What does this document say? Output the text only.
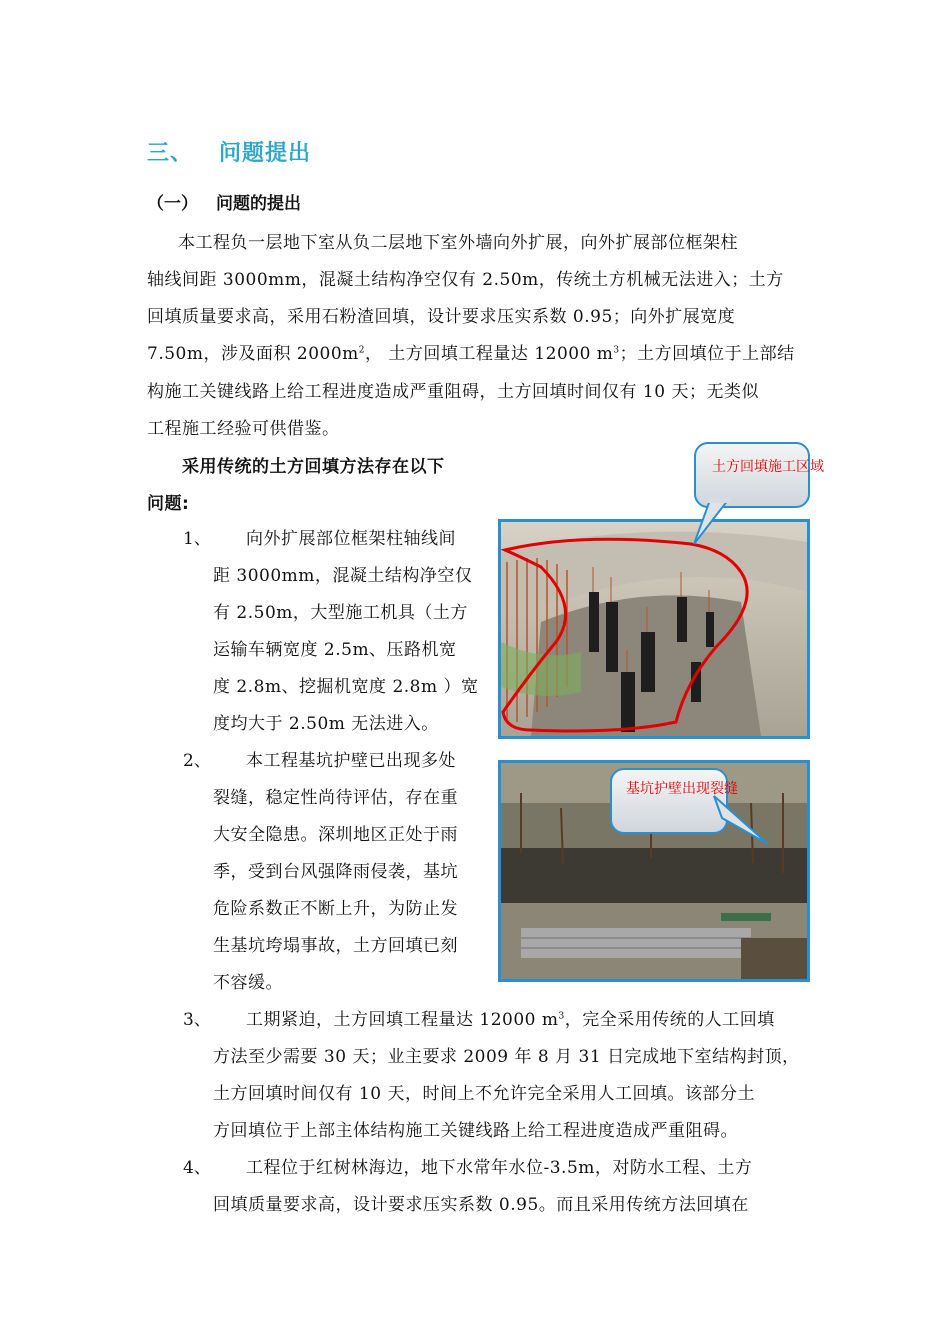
三、 问题提出
（一） 问题的提出
本工程负一层地下室从负二层地下室外墙向外扩展，向外扩展部位框架柱
轴线间距 3000mm，混凝土结构净空仅有 2.50m，传统土方机械无法进入；土方
回填质量要求高，采用石粉渣回填，设计要求压实系数 0.95；向外扩展宽度
7.50m，涉及面积 $2000m^2$， 土方回填工程量达 12000 $m^3$；土方回填位于上部结
构施工关键线路上给工程进度造成严重阻碍，土方回填时间仅有 10 天；无类似
工程施工经验可供借鉴。
采用传统的土方回填方法存在以下
问题:
1、 向外扩展部位框架柱轴线间
距 3000mm，混凝土结构净空仅
有 2.50m，大型施工机具（土方
运输车辆宽度 2.5m、压路机宽
度 2.8m、挖掘机宽度 2.8m ）宽
度均大于 2.50m 无法进入。
2、 本工程基坑护壁已出现多处
裂缝，稳定性尚待评估，存在重
大安全隐患。深圳地区正处于雨
季，受到台风强降雨侵袭，基坑
危险系数正不断上升，为防止发
生基坑垮塌事故，土方回填已刻
不容缓。
3、 工期紧迫，土方回填工程量达 12000 $m^3$，完全采用传统的人工回填
方法至少需要 30 天；业主要求 2009 年 8 月 31 日完成地下室结构封顶，
土方回填时间仅有 10 天，时间上不允许完全采用人工回填。该部分土
方回填位于上部主体结构施工关键线路上给工程进度造成严重阻碍。
4、 工程位于红树林海边，地下水常年水位-3.5m，对防水工程、土方
回填质量要求高，设计要求压实系数 0.95。而且采用传统方法回填在
土方回填施工区域
基坑护壁出现裂缝
